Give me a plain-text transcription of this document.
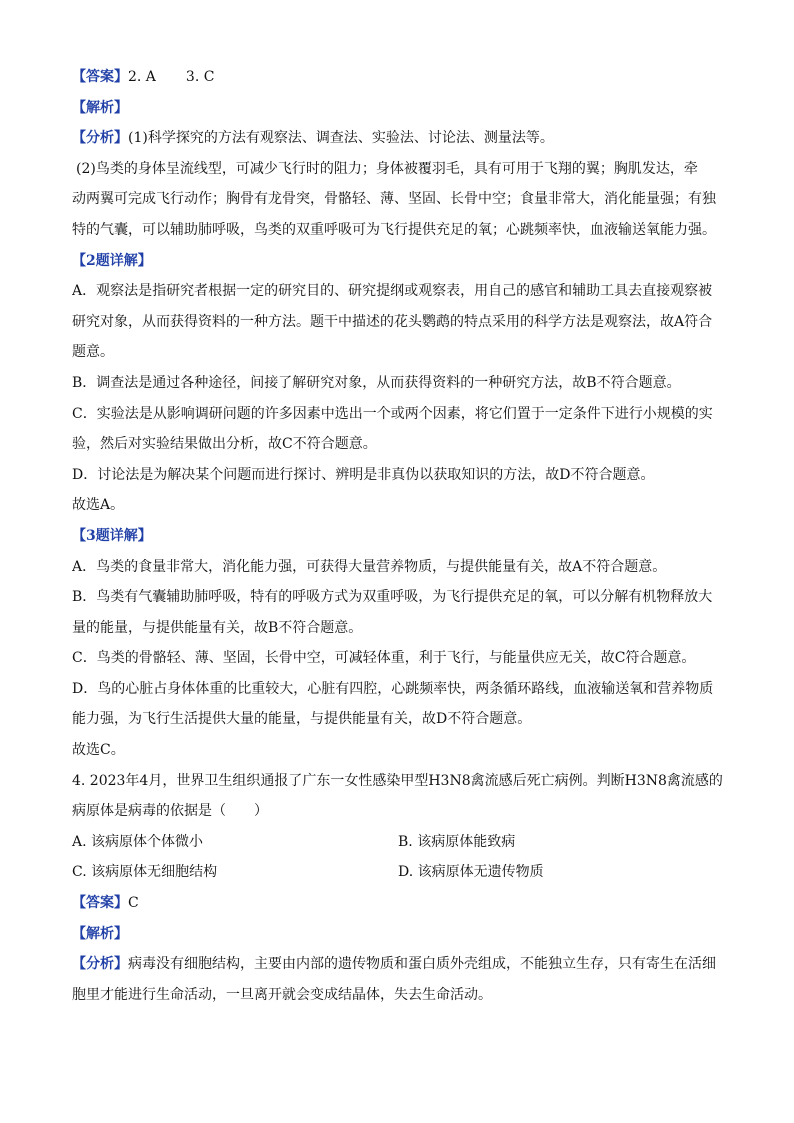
【答案】2. A 3. C
【解析】
【分析】(1)科学探究的方法有观察法、调查法、实验法、讨论法、测量法等。
(2)鸟类的身体呈流线型，可减少飞行时的阻力；身体被覆羽毛，具有可用于飞翔的翼；胸肌发达，牵
动两翼可完成飞行动作；胸骨有龙骨突，骨骼轻、薄、坚固、长骨中空；食量非常大，消化能量强；有独
特的气囊，可以辅助肺呼吸，鸟类的双重呼吸可为飞行提供充足的氧；心跳频率快，血液输送氧能力强。
【2题详解】
A．观察法是指研究者根据一定的研究目的、研究提纲或观察表，用自己的感官和辅助工具去直接观察被
研究对象，从而获得资料的一种方法。题干中描述的花头鹦鹉的特点采用的科学方法是观察法，故A符合
题意。
B．调查法是通过各种途径，间接了解研究对象，从而获得资料的一种研究方法，故B不符合题意。
C．实验法是从影响调研问题的许多因素中选出一个或两个因素，将它们置于一定条件下进行小规模的实
验，然后对实验结果做出分析，故C不符合题意。
D．讨论法是为解决某个问题而进行探讨、辨明是非真伪以获取知识的方法，故D不符合题意。
故选A。
【3题详解】
A．鸟类的食量非常大，消化能力强，可获得大量营养物质，与提供能量有关，故A不符合题意。
B．鸟类有气囊辅助肺呼吸，特有的呼吸方式为双重呼吸，为飞行提供充足的氧，可以分解有机物释放大
量的能量，与提供能量有关，故B不符合题意。
C．鸟类的骨骼轻、薄、坚固，长骨中空，可减轻体重，利于飞行，与能量供应无关，故C符合题意。
D．鸟的心脏占身体体重的比重较大，心脏有四腔，心跳频率快，两条循环路线，血液输送氧和营养物质
能力强，为飞行生活提供大量的能量，与提供能量有关，故D不符合题意。
故选C。
4. 2023年4月，世界卫生组织通报了广东一女性感染甲型H3N8禽流感后死亡病例。判断H3N8禽流感的
病原体是病毒的依据是（　　）
A. 该病原体个体微小	B. 该病原体能致病
C. 该病原体无细胞结构	D. 该病原体无遗传物质
【答案】C
【解析】
【分析】病毒没有细胞结构，主要由内部的遗传物质和蛋白质外壳组成，不能独立生存，只有寄生在活细
胞里才能进行生命活动，一旦离开就会变成结晶体，失去生命活动。
